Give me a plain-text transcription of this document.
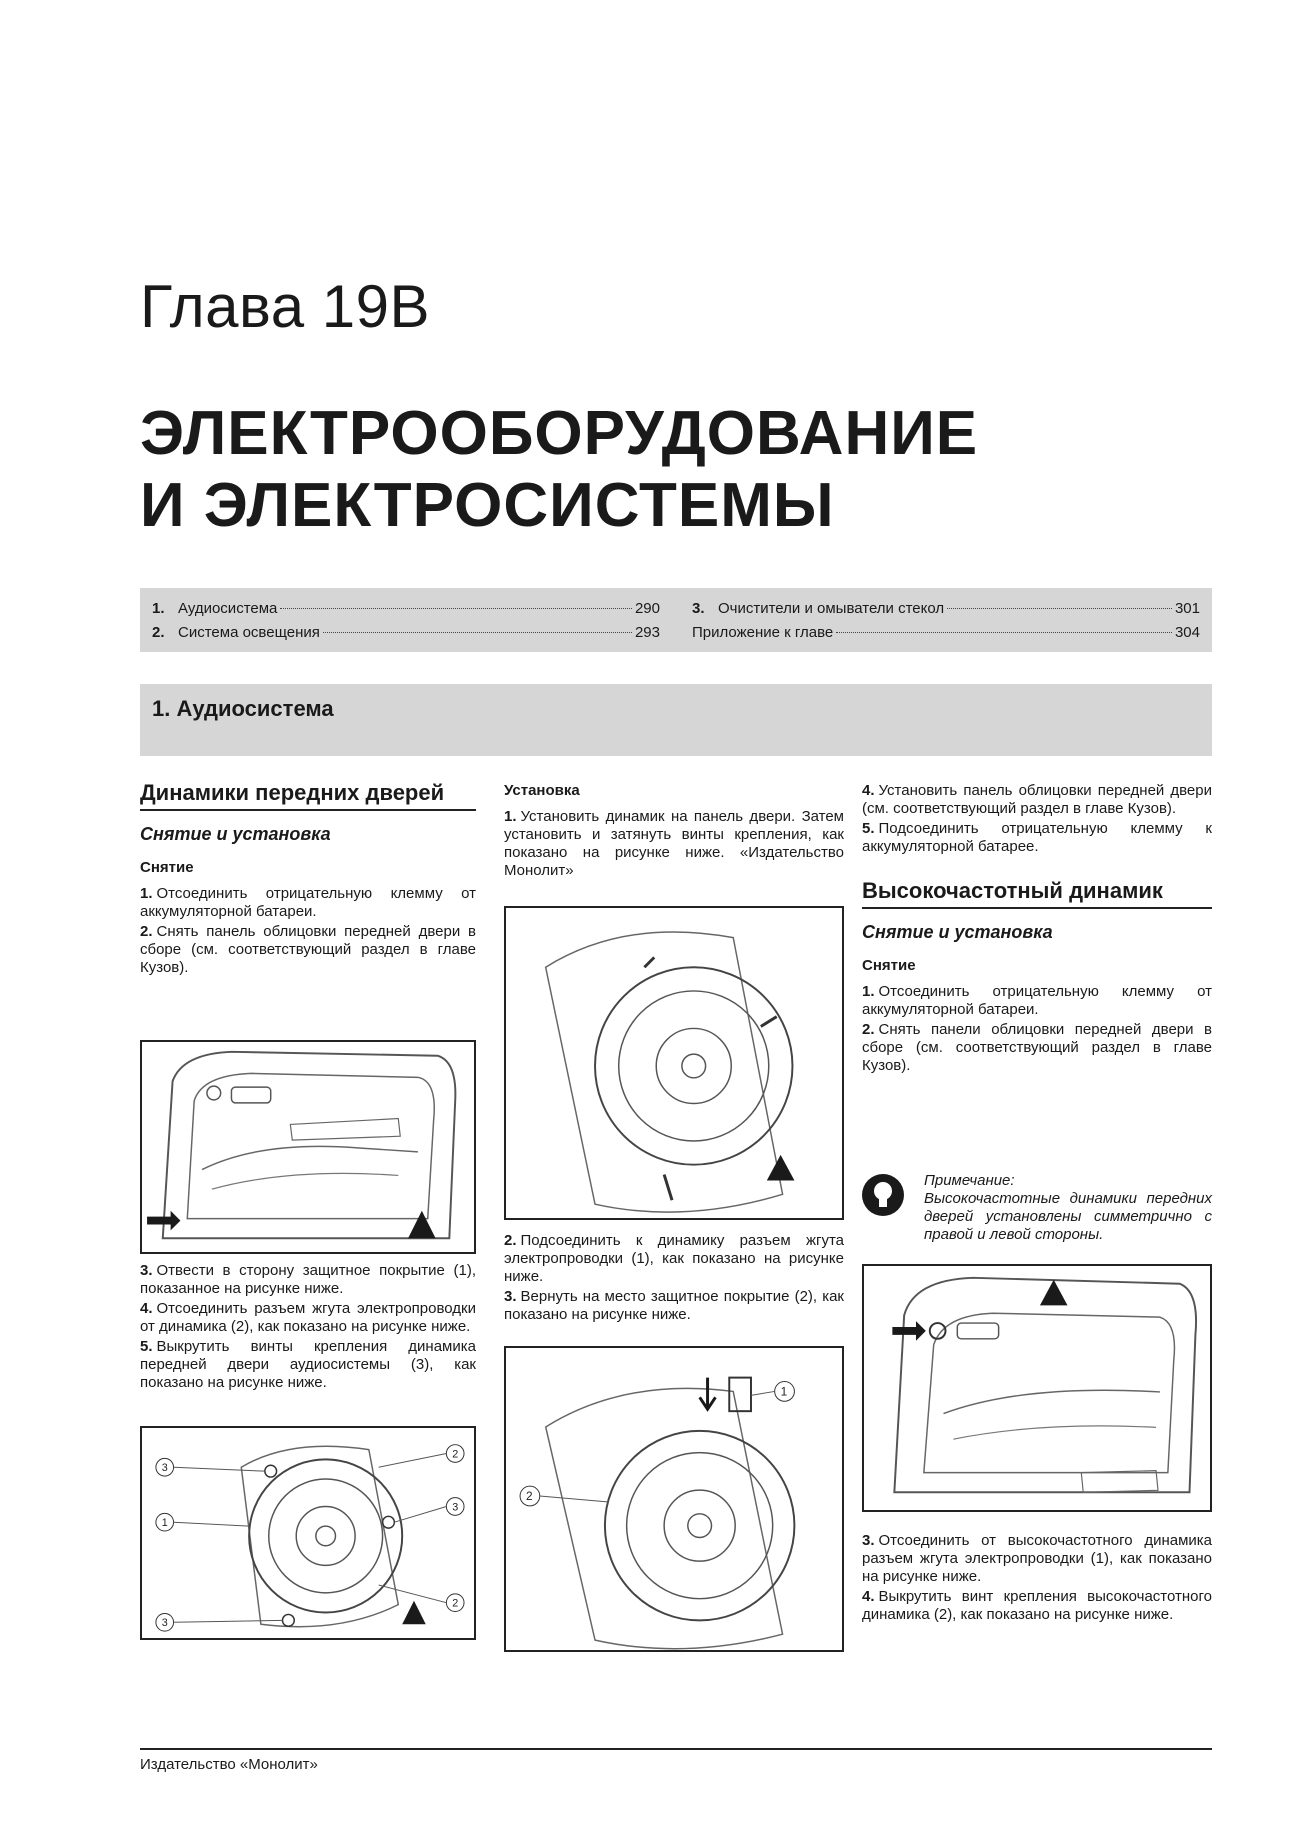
Глава 19В
ЭЛЕКТРООБОРУДОВАНИЕ
И ЭЛЕКТРОСИСТЕМЫ
1. Аудиосистема	290
2. Система освещения	293
3. Очистители и омыватели стекол	301
Приложение к главе	304
1. Аудиосистема
Динамики передних дверей
Снятие и установка
Снятие
1. Отсоединить отрицательную клемму от аккумуляторной батареи.
2. Снять панель облицовки передней двери в сборе (см. соответствующий раздел в главе Кузов).
3. Отвести в сторону защитное покрытие (1), показанное на рисунке ниже.
4. Отсоединить разъем жгута электропроводки от динамика (2), как показано на рисунке ниже.
5. Выкрутить винты крепления динамика передней двери аудиосистемы (3), как показано на рисунке ниже.
3
2
1
3
3
2
Установка
1. Установить динамик на панель двери. Затем установить и затянуть винты крепления, как показано на рисунке ниже. «Издательство Монолит»
2. Подсоединить к динамику разъем жгута электропроводки (1), как показано на рисунке ниже.
3. Вернуть на место защитное покрытие (2), как показано на рисунке ниже.
1
2
4. Установить панель облицовки передней двери (см. соответствующий раздел в главе Кузов).
5. Подсоединить отрицательную клемму к аккумуляторной батарее.
Высокочастотный динамик
Снятие и установка
Снятие
1. Отсоединить отрицательную клемму от аккумуляторной батареи.
2. Снять панели облицовки передней двери в сборе (см. соответствующий раздел в главе Кузов).
Примечание:
Высокочастотные динамики передних дверей установлены симметрично с правой и левой стороны.
3. Отсоединить от высокочастотного динамика разъем жгута электропроводки (1), как показано на рисунке ниже.
4. Выкрутить винт крепления высокочастотного динамика (2), как показано на рисунке ниже.
Издательство «Монолит»
